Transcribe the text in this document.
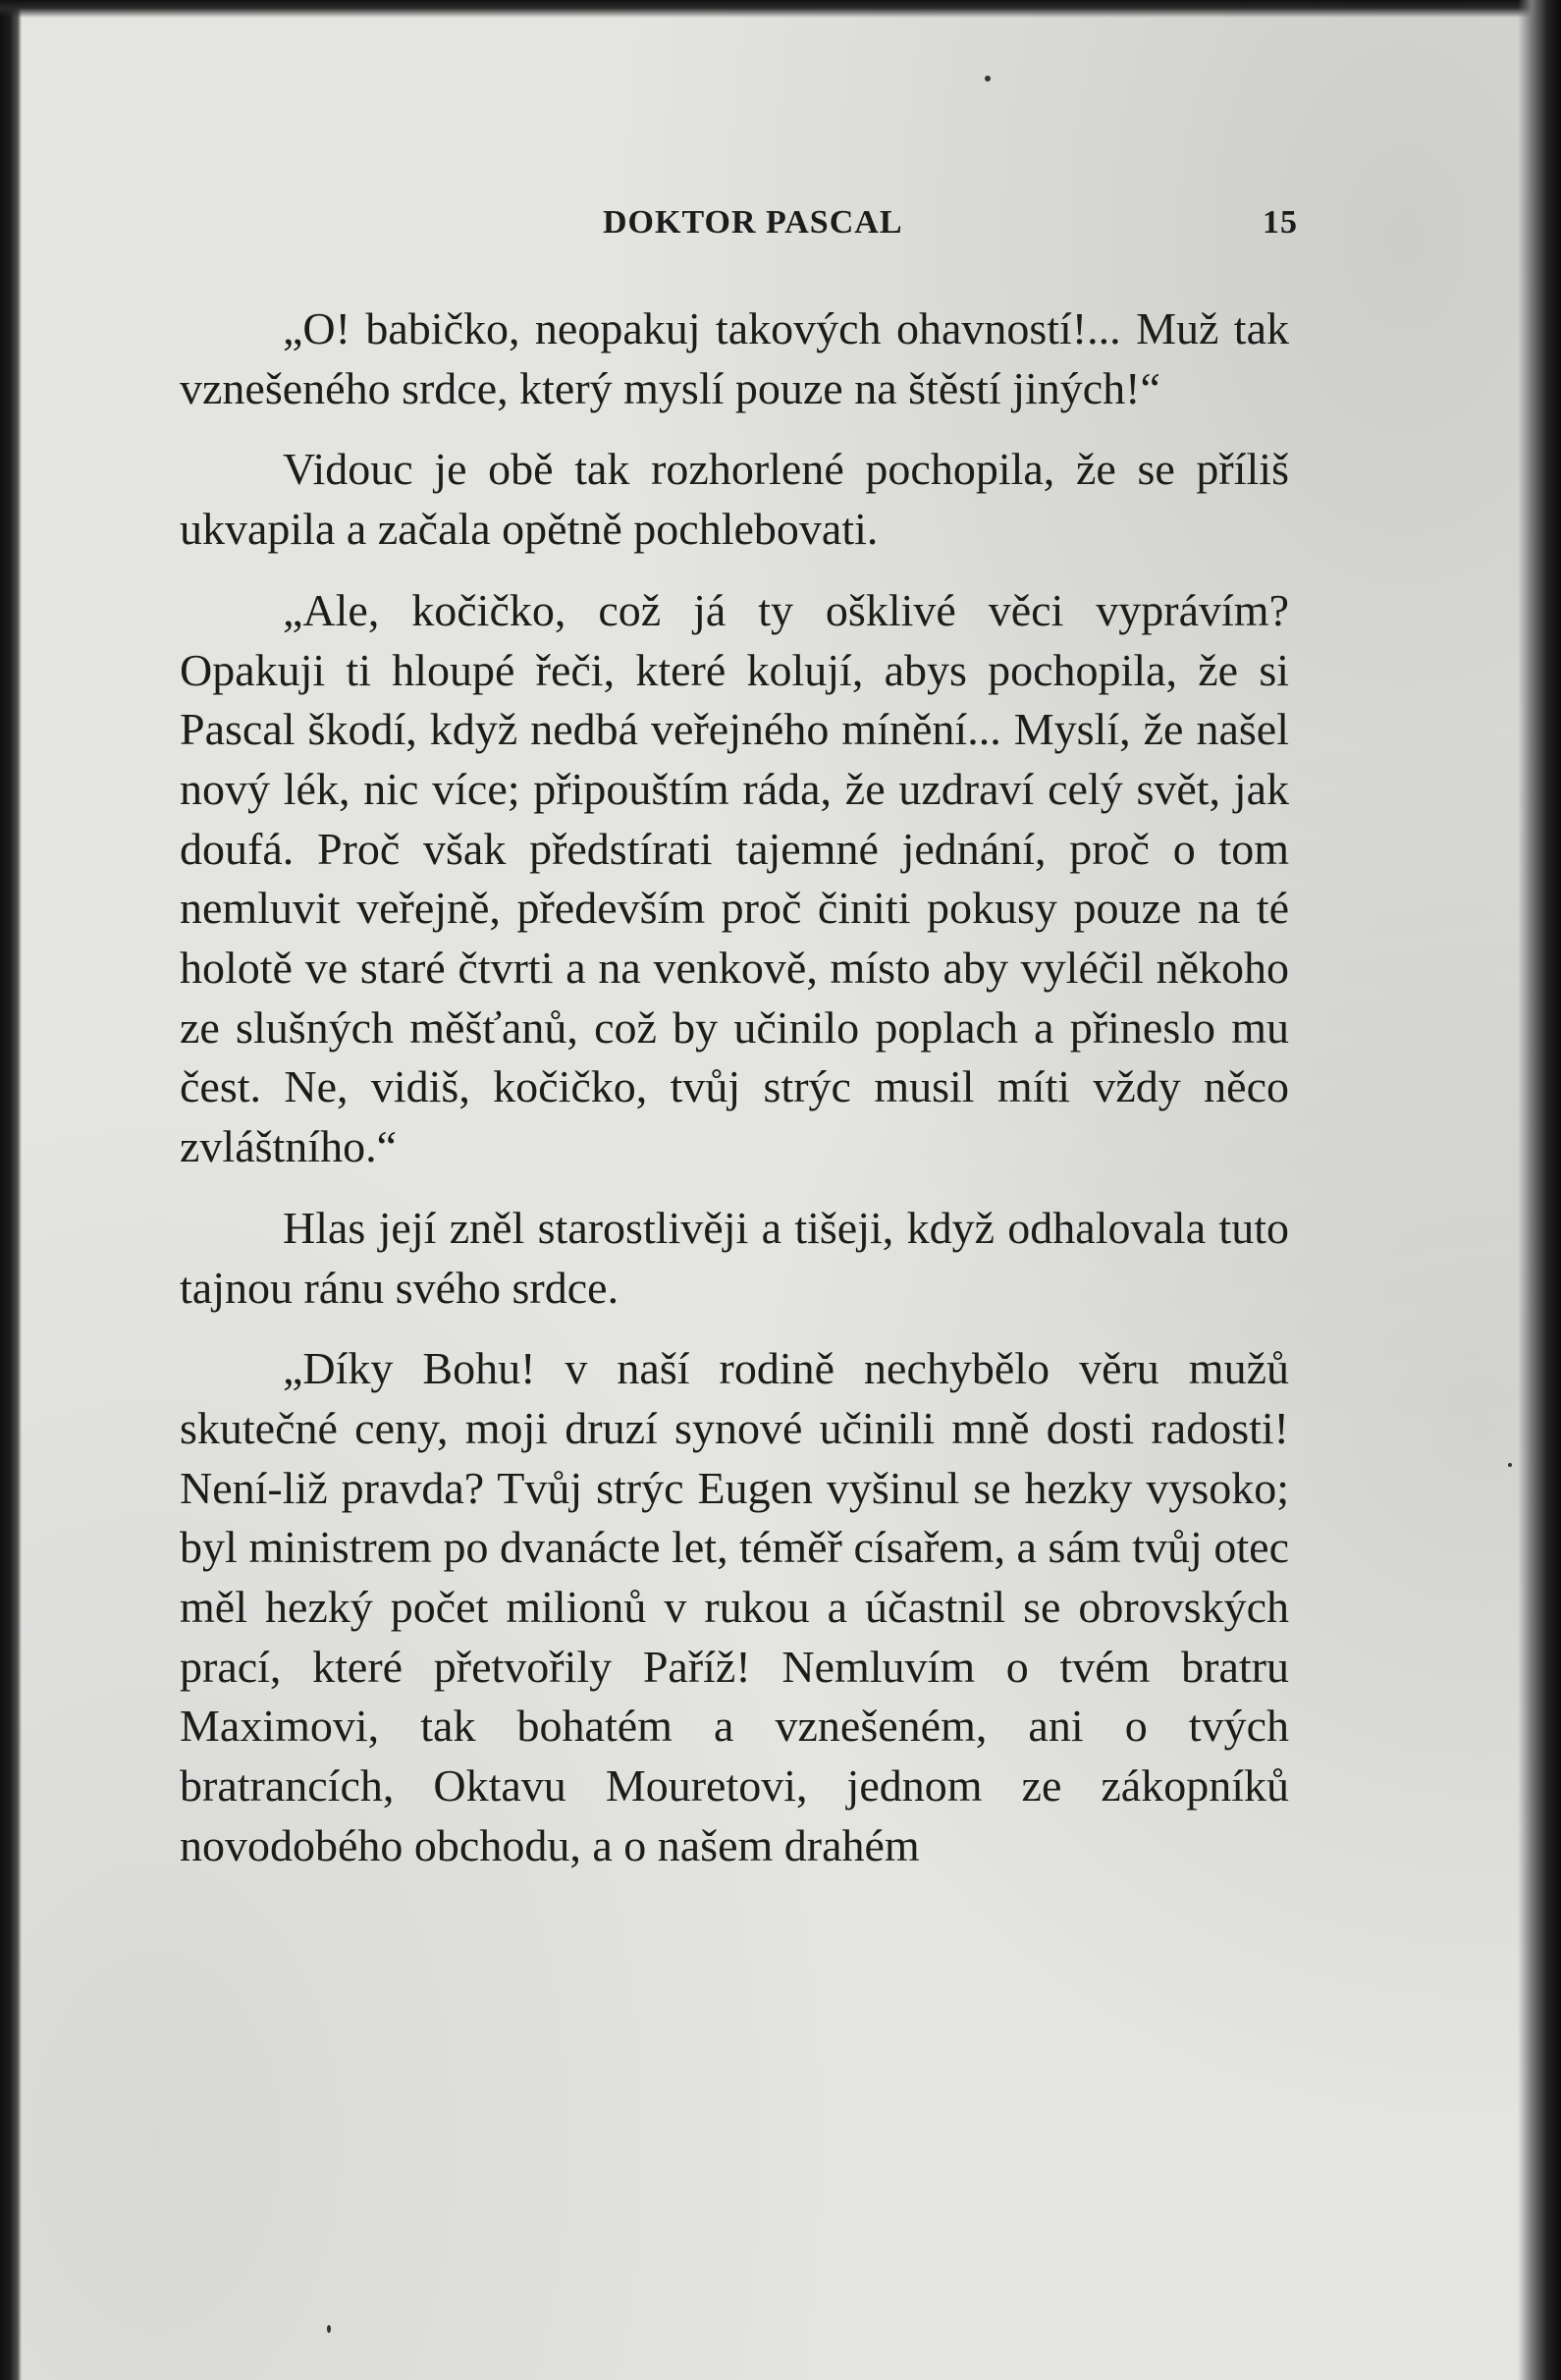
DOKTOR PASCAL	15

„O! babičko, neopakuj takových ohavností!... Muž tak vznešeného srdce, který myslí pouze na štěstí jiných!“

Vidouc je obě tak rozhorlené pochopila, že se příliš ukvapila a začala opětně pochlebovati.

„Ale, kočičko, což já ty ošklivé věci vyprávím? Opakuji ti hloupé řeči, které kolují, abys pochopila, že si Pascal škodí, když nedbá veřejného mínění... Myslí, že našel nový lék, nic více; připouštím ráda, že uzdraví celý svět, jak doufá. Proč však předstírati tajemné jednání, proč o tom nemluvit veřejně, především proč činiti pokusy pouze na té holotě ve staré čtvrti a na venkově, místo aby vyléčil někoho ze slušných měšťanů, což by učinilo poplach a přineslo mu čest. Ne, vidiš, kočičko, tvůj strýc musil míti vždy něco zvláštního.“

Hlas její zněl starostlivěji a tišeji, když odhalovala tuto tajnou ránu svého srdce.

„Díky Bohu! v naší rodině nechybělo věru mužů skutečné ceny, moji druzí synové učinili mně dosti radosti! Není-liž pravda? Tvůj strýc Eugen vyšinul se hezky vysoko; byl ministrem po dvanácte let, téměř císařem, a sám tvůj otec měl hezký počet milionů v rukou a účastnil se obrovských prací, které přetvořily Paříž! Nemluvím o tvém bratru Maximovi, tak bohatém a vznešeném, ani o tvých bratrancích, Oktavu Mouretovi, jednom ze zákopníků novodobého obchodu, a o našem drahém
